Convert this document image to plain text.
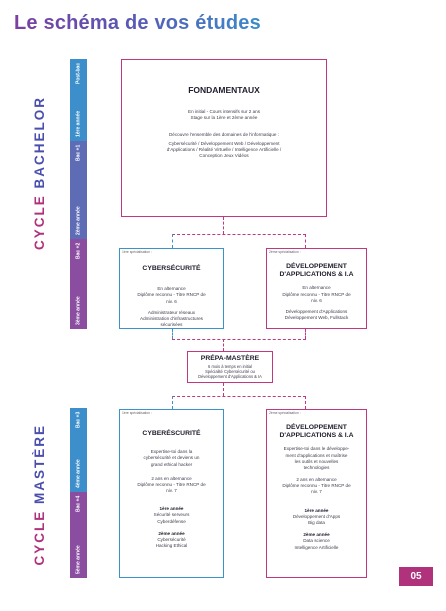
Le schéma de vos études
CYCLE BACHELOR
CYCLE MASTÈRE
1ère année
Post-bac
2ème année
Bac +1
3ème année
Bac +2
4ème année
Bac +3
5ème année
Bac +4
FONDAMENTAUX
En initial - Cours intensifs sur 2 ans
Stage sur la 1ère et 2ème année
Découvre l'ensemble des domaines de l'informatique :
Cybersécurité / Développement Web / Développement
d'Applications / Réalité Virtuelle / Intelligence Artificielle /
Conception Jeux Vidéos
1ère spécialisation :
CYBERSÉCURITÉ
En alternance
Diplôme reconnu - Titre RNCP de
niv. 6
Administrateur réseaux
Administration d'infrastructures
sécurisées
2ème spécialisation :
DÉVELOPPEMENT
D'APPLICATIONS & I.A
En alternance
Diplôme reconnu - Titre RNCP de
niv. 6
Développement d'Applications
Développement Web, Fullstack
PRÉPA-MASTÈRE
6 mois à temps en initial
Spécialité Cybersécurité ou
Développement d'Applications & IA
1ère spécialisation :
CYBERÉSCURITÉ
Expertise-toi dans la
cybersécurité et deviens un
grand ethical hacker
2 ans en alternance
Diplôme reconnu - Titre RNCP de
niv. 7
1ère année
Sécurité serveurs
Cyberdéfense
2ème année
Cybersécurité
Hacking Ethical
2ème spécialisation :
DÉVELOPPEMENT
D'APPLICATIONS & I.A
Expertise-toi dans le développe-
ment d'applications et maîtrise
les outils et nouvelles
technologies
2 ans en alternance
Diplôme reconnu - Titre RNCP de
niv. 7
1ère année
Développement d'Apps
Big data
2ème année
Data science
Intelligence Artificielle
05
